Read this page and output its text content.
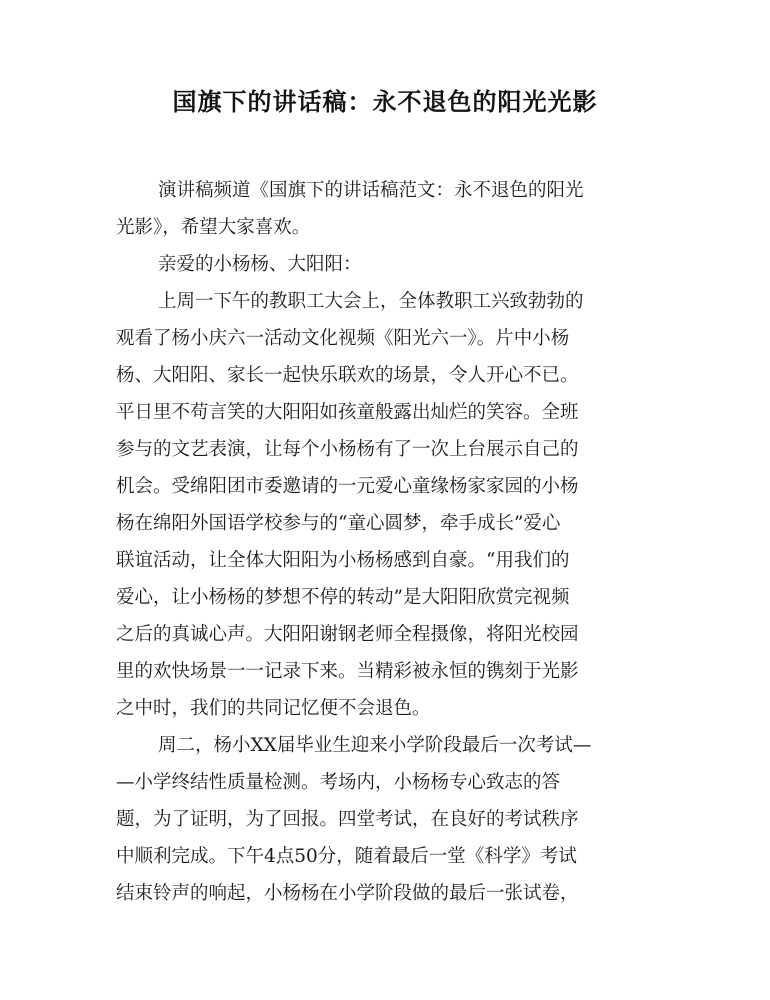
国旗下的讲话稿：永不退色的阳光光影
演讲稿频道《国旗下的讲话稿范文：永不退色的阳光
光影》，希望大家喜欢。
亲爱的小杨杨、大阳阳：
上周一下午的教职工大会上，全体教职工兴致勃勃的
观看了杨小庆六一活动文化视频《阳光六一》。片中小杨
杨、大阳阳、家长一起快乐联欢的场景，令人开心不已。
平日里不苟言笑的大阳阳如孩童般露出灿烂的笑容。全班
参与的文艺表演，让每个小杨杨有了一次上台展示自己的
机会。受绵阳团市委邀请的一元爱心童缘杨家家园的小杨
杨在绵阳外国语学校参与的“童心圆梦，牵手成长”爱心
联谊活动，让全体大阳阳为小杨杨感到自豪。“用我们的
爱心，让小杨杨的梦想不停的转动”是大阳阳欣赏完视频
之后的真诚心声。大阳阳谢钢老师全程摄像，将阳光校园
里的欢快场景一一记录下来。当精彩被永恒的镌刻于光影
之中时，我们的共同记忆便不会退色。
周二，杨小XX届毕业生迎来小学阶段最后一次考试—
—小学终结性质量检测。考场内，小杨杨专心致志的答
题，为了证明，为了回报。四堂考试，在良好的考试秩序
中顺利完成。下午4点50分，随着最后一堂《科学》考试
结束铃声的响起，小杨杨在小学阶段做的最后一张试卷，
